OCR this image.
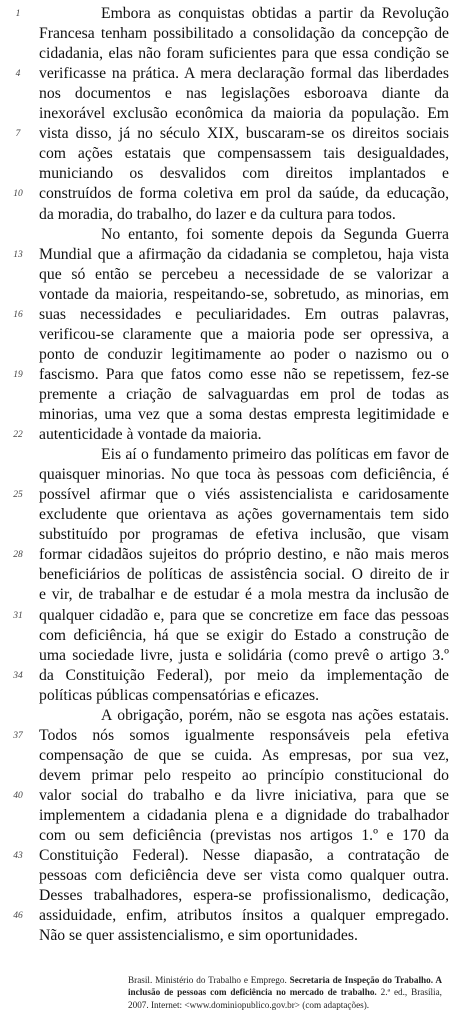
1	Embora as conquistas obtidas a partir da Revolução
Francesa tenham possibilitado a consolidação da concepção de
cidadania, elas não foram suficientes para que essa condição se
4	verificasse na prática. A mera declaração formal das liberdades
nos documentos e nas legislações esboroava diante da
inexorável exclusão econômica da maioria da população. Em
7	vista disso, já no século XIX, buscaram-se os direitos sociais
com ações estatais que compensassem tais desigualdades,
municiando os desvalidos com direitos implantados e
10	construídos de forma coletiva em prol da saúde, da educação,
da moradia, do trabalho, do lazer e da cultura para todos.
No entanto, foi somente depois da Segunda Guerra
13	Mundial que a afirmação da cidadania se completou, haja vista
que só então se percebeu a necessidade de se valorizar a
vontade da maioria, respeitando-se, sobretudo, as minorias, em
16	suas necessidades e peculiaridades. Em outras palavras,
verificou-se claramente que a maioria pode ser opressiva, a
ponto de conduzir legitimamente ao poder o nazismo ou o
19	fascismo. Para que fatos como esse não se repetissem, fez-se
premente a criação de salvaguardas em prol de todas as
minorias, uma vez que a soma destas empresta legitimidade e
22	autenticidade à vontade da maioria.
Eis aí o fundamento primeiro das políticas em favor de
quaisquer minorias. No que toca às pessoas com deficiência, é
25	possível afirmar que o viés assistencialista e caridosamente
excludente que orientava as ações governamentais tem sido
substituído por programas de efetiva inclusão, que visam
28	formar cidadãos sujeitos do próprio destino, e não mais meros
beneficiários de políticas de assistência social. O direito de ir
e vir, de trabalhar e de estudar é a mola mestra da inclusão de
31	qualquer cidadão e, para que se concretize em face das pessoas
com deficiência, há que se exigir do Estado a construção de
uma sociedade livre, justa e solidária (como prevê o artigo 3.º
34	da Constituição Federal), por meio da implementação de
políticas públicas compensatórias e eficazes.
A obrigação, porém, não se esgota nas ações estatais.
37	Todos nós somos igualmente responsáveis pela efetiva
compensação de que se cuida. As empresas, por sua vez,
devem primar pelo respeito ao princípio constitucional do
40	valor social do trabalho e da livre iniciativa, para que se
implementem a cidadania plena e a dignidade do trabalhador
com ou sem deficiência (previstas nos artigos 1.º e 170 da
43	Constituição Federal). Nesse diapasão, a contratação de
pessoas com deficiência deve ser vista como qualquer outra.
Desses trabalhadores, espera-se profissionalismo, dedicação,
46	assiduidade, enfim, atributos ínsitos a qualquer empregado.
Não se quer assistencialismo, e sim oportunidades.
Brasil. Ministério do Trabalho e Emprego. Secretaria de Inspeção do Trabalho. A inclusão de pessoas com deficiência no mercado de trabalho. 2.ª ed., Brasília, 2007. Internet: <www.dominiopublico.gov.br> (com adaptações).
